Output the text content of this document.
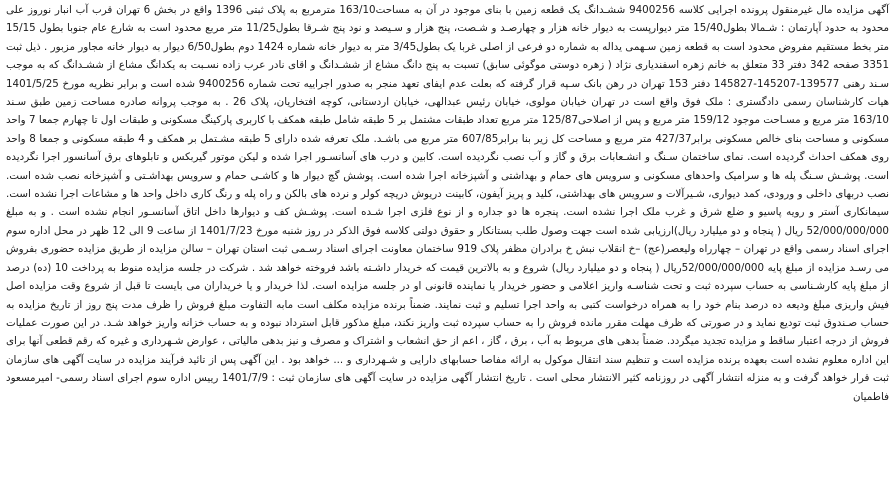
آگهی مزایده مال غیرمنقول پرونده اجرایی کلاسه 9400256 ششـدانگ یک قطعه زمین با بنای موجود در آن به مساحت163/10 مترمربع به پلاک ثبتی 1396 واقع در بخش 6 تهران قرب آب انبار نوروز علی محدود به حدود آپارتمان : شـمالا بطول15/40 متر دیوارپست به دیوار خانه هزار و چهارصـد و شـصت، پنج هزار و سـیصد و نود پنج شـرقا بطول11/25 متر مربع محدود است به شارع عام جنوبا بطول 15/15 متر بخط مستقیم مفروض محدود است به قطعه زمین سـهمی یداله به شماره دو فرعی از اصلی غربا یک بطول3/45 متر به دیوار خانه شماره 1424 دوم بطول6/50 دیوار به دیوار خانه مجاور مزبور . ذیل ثبت 3351 صفحه 342 دفتر 33 متعلق به خانم زهره اسفندیاری نژاد ( زهره دوستی موگوئی سابق) تسبت به پنج دانگ مشاع از ششـدانگ و اقای نادر عرب زاده نسـبت به یکدانگ مشاع از ششـدانگ که به موجب سـند رهنی 139577-145207-145827 دفتر 153 تهران در رهن بانک سـپه قرار گرفته که بعلت عدم ایفای تعهد منجر به صدور اجراییه تحت شماره 9400256 شده است و برابر نظریه مورخ 1401/5/25 هیات کارشناسان رسمی دادگستری : ملک فوق واقع است در تهران خیابان مولوی، خیابان رئیس عبدالهی، خیابان اردستانی، کوچه افتخاریان، پلاک 26 . به موجب پروانه صادره مساحت زمین طبق سـند 163/10 متر مربع و مسـاحت موجود 159/12 متر مربع و پس از اصلاحی125/87 متر مربع تعداد طبقات مشتمل بر 5 طبقه شامل طبقه همکف با کاربری پارکینگ مسکونی و طبقات اول تا چهارم جمعا 7 واحد مسکونی و مساحت بنای خالص مسکونی برابر427/37 متر مربع و مساحت کل زیر بنا برابر607/85 متر مربع می باشـد. ملک تعرفه شده دارای 5 طبقه مشـتمل بر همکف و 4 طبقه مسکونی و جمعا 8 واحد روی همکف احداث گردیده است. نمای ساختمان سـنگ و انشـعابات برق و گاز و آب نصب نگردیده است. کابین و درب های آسانسـور اجرا شده و لیکن موتور گیربکس و تابلوهای برق آسانسور اجرا نگردیده است. پوشـش سـنگ پله ها و سرامیک واحدهای مسکونی و سرویس های حمام و بهداشتی و آشپزخانه اجرا شده است. پوشش گچ دیوار ها و کاشـی حمام و سرویس بهداشـتی و آشپزخانه نصب شده است. نصب دربهای داخلی و ورودی، کمد دیواری، شـیرآلات و سرویس های بهداشتی، کلید و پریز آیفون، کابینت دریوش دریچه کولر و نرده های بالکن و راه پله و رنگ کاری داخل واحد ها و مشاعات اجرا نشده است. سیمانکاری آستر و رویه پاسیو و ضلع شرق و غرب ملک اجرا نشده است. پنجره ها دو جداره و از نوع فلزی اجرا شـده است. پوشـش کف و دیوارها داخل اتاق آسانسـور انجام نشده است . و به مبلغ 52/000/000/000 ریال ( پنجاه و دو میلیارد ریال)ارزیابی شده است جهت وصول طلب بستانکار و حقوق دولتی کلاسه فوق الذکر در روز شنبه مورخ 1401/7/23 از ساعت 9 الی 12 ظهر در محل اداره سوم اجرای اسناد رسمی واقع در تهران – چهارراه ولیعصر(عج) –خ انقلاب نبش خ برادران مظفر پلاک 919 ساختمان معاونت اجرای اسناد رسـمی ثبت استان تهران – سالن مزایده از طریق مزایده حضوری بفروش می رسـد مزایده از مبلغ پایه 52/000/000/000ریال ( پنجاه و دو میلیارد ریال) شروع و به بالاترین قیمت که خریدار داشـته باشد فروخته خواهد شد . شرکت در جلسه مزایده منوط به پرداخت 10 (ده) درصد از مبلغ پایه کارشـناسی به حساب سپرده ثبت و تحت شناسـه واریز اعلامی و حضور خریدار یا نماینده قانونی او در جلسه مزایده است. لذا خریدار و یا خریداران می بایست تا قبل از شروع وقت مزایده اصل فیش واریزی مبلغ ودیعه ده درصد بنام خود را به همراه درخواست کتبی به واحد اجرا تسلیم و ثبت نمایند. ضمناً برنده مزایده مکلف است مابه التفاوت مبلغ فروش را ظرف مدت پنج روز از تاریخ مزایده به حساب صـندوق ثبت تودیع نماید و در صورتی که ظرف مهلت مقرر مانده فروش را به حساب سپرده ثبت واریز نکند، مبلغ مذکور قابل استرداد نبوده و به حساب خزانه واریز خواهد شـد. در این صورت عملیات فروش از درجه اعتبار ساقط و مزایده تجدید میگردد. ضمناً بدهی های مربوط به آب ، برق ، گاز ، اعم از حق انشعاب و اشتراک و مصرف و نیز بدهی مالیاتی ، عوارض شـهرداری و غیره که رقم قطعی آنها برای این اداره معلوم نشده است بعهده برنده مزایده است و تنظیم سند انتقال موکول به ارائه مفاصا حسابهای دارایی و شـهرداری و ... خواهد بود . این آگهی پس از تائید فرآیند مزایده در سایت آگهی های سازمان ثبت قرار خواهد گرفت و به منزله انتشار آگهی در روزنامه کثیر الانتشار محلی است . تاریخ انتشار آگهی مزایده در سایت آگهی های سازمان ثبت : 1401/7/9 رییس اداره سوم اجرای اسناد رسمی- امیرمسعود فاطمیان
